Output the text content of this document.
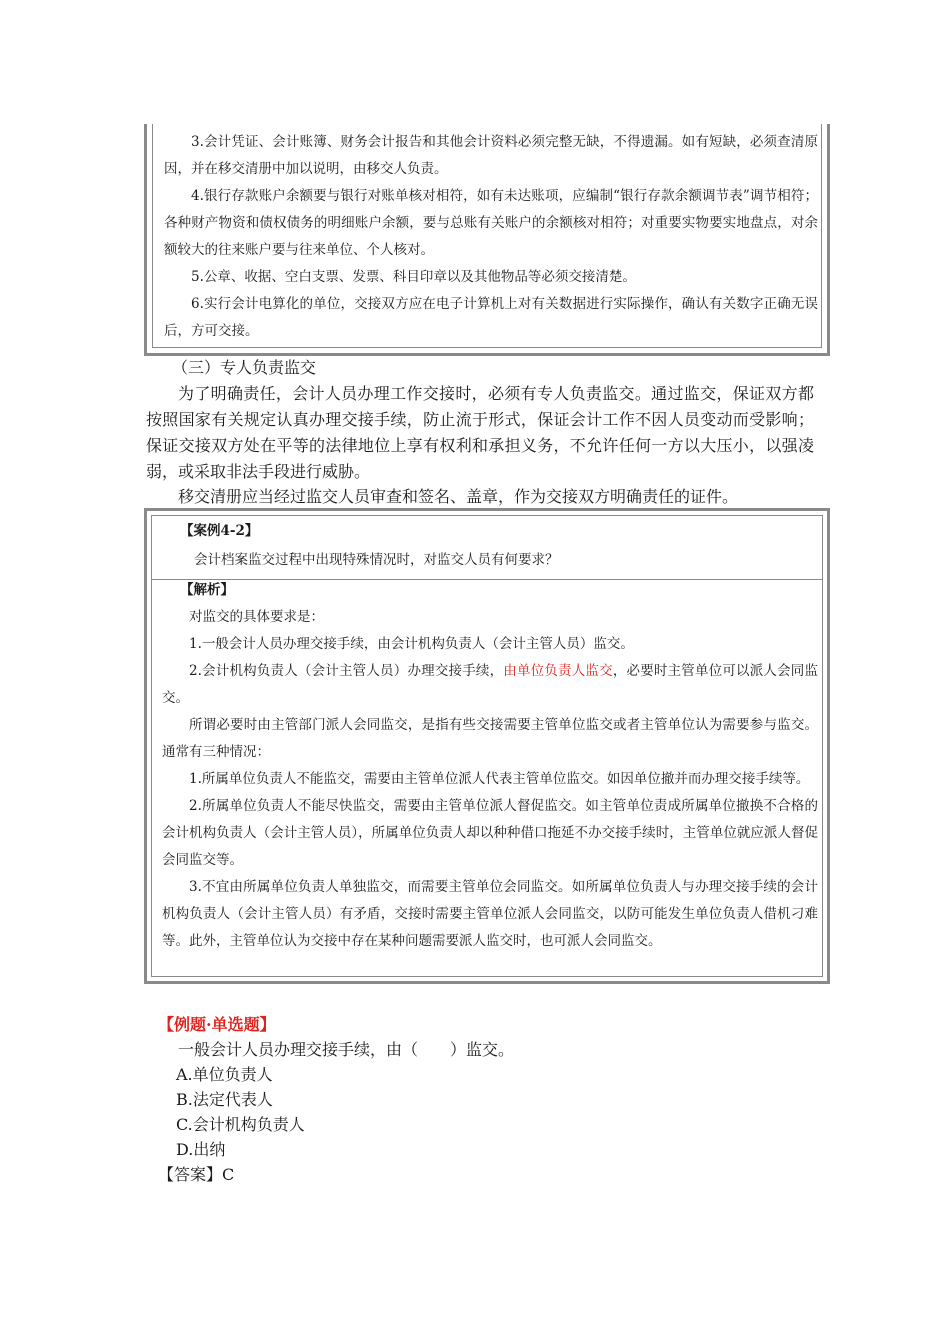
3.会计凭证、会计账簿、财务会计报告和其他会计资料必须完整无缺，不得遗漏。如有短缺，必须查清原因，并在移交清册中加以说明，由移交人负责。

4.银行存款账户余额要与银行对账单核对相符，如有未达账项，应编制“银行存款余额调节表”调节相符；各种财产物资和债权债务的明细账户余额，要与总账有关账户的余额核对相符；对重要实物要实地盘点，对余额较大的往来账户要与往来单位、个人核对。

5.公章、收据、空白支票、发票、科目印章以及其他物品等必须交接清楚。

6.实行会计电算化的单位，交接双方应在电子计算机上对有关数据进行实际操作，确认有关数字正确无误后，方可交接。

（三）专人负责监交
为了明确责任，会计人员办理工作交接时，必须有专人负责监交。通过监交，保证双方都按照国家有关规定认真办理交接手续，防止流于形式，保证会计工作不因人员变动而受影响；保证交接双方处在平等的法律地位上享有权利和承担义务，不允许任何一方以大压小，以强凌弱，或采取非法手段进行威胁。
移交清册应当经过监交人员审查和签名、盖章，作为交接双方明确责任的证件。
【案例4-2】
会计档案监交过程中出现特殊情况时，对监交人员有何要求？
【解析】

对监交的具体要求是：

1.一般会计人员办理交接手续，由会计机构负责人（会计主管人员）监交。

2.会计机构负责人（会计主管人员）办理交接手续，由单位负责人监交，必要时主管单位可以派人会同监交。

所谓必要时由主管部门派人会同监交，是指有些交接需要主管单位监交或者主管单位认为需要参与监交。通常有三种情况：

1.所属单位负责人不能监交，需要由主管单位派人代表主管单位监交。如因单位撤并而办理交接手续等。

2.所属单位负责人不能尽快监交，需要由主管单位派人督促监交。如主管单位责成所属单位撤换不合格的会计机构负责人（会计主管人员），所属单位负责人却以种种借口拖延不办交接手续时，主管单位就应派人督促会同监交等。

3.不宜由所属单位负责人单独监交，而需要主管单位会同监交。如所属单位负责人与办理交接手续的会计机构负责人（会计主管人员）有矛盾，交接时需要主管单位派人会同监交，以防可能发生单位负责人借机刁难等。此外，主管单位认为交接中存在某种问题需要派人监交时，也可派人会同监交。

【例题·单选题】
一般会计人员办理交接手续，由（　　）监交。
A.单位负责人
B.法定代表人
C.会计机构负责人
D.出纳
【答案】C
